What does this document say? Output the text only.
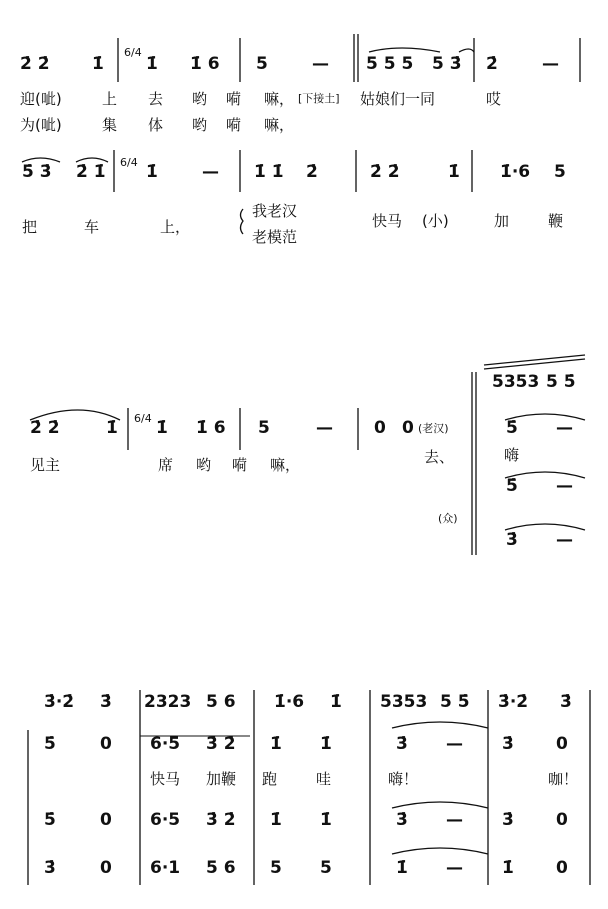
2̇ 2̇ 1̇
6/4
1̇ 1̇ 6 5	— 5 5 5 5 3̇ 2̇	—
迎(呲)	上 去 哟 嗬 嘛， [下接土] 姑娘们一同	哎
为(呲)	集 体 哟 嗬 嘛，
5̇ 3̇ 2̇ 1̇ 6/4 1̇	— 1̇ 1̇ 2̇	2̇ 2̇	1̇ 1̇·6 5
把	车	上，
我老汉
老模范
快马 (小)	加	鞭
2̇ 2̇	1̇ 6/4 1̇ 1̇ 6 5	— 0 0 (老汉)
5353 5 5̇
5̇ —
5̇ —
3̇ —
见主	席 哟 嗬 嘛，	去、	嗨
(众)
3̇·2̇ 3̇ 2323 5 6 1̇·6 1̇ 5353 5 5̇ 3̇·2̇ 3̇
5̇	0 6·5 3̇ 2̇ 1̇ 1̇	3̇ — 3̇ 0
快马 加鞭 跑	哇	嗨！	咖！
5̇	0 6·5 3̇ 2̇ 1̇ 1̇	3̇ — 3̇ 0
3̇	0 6·1 5 6 5 5	1̇ — 1̇ 0
